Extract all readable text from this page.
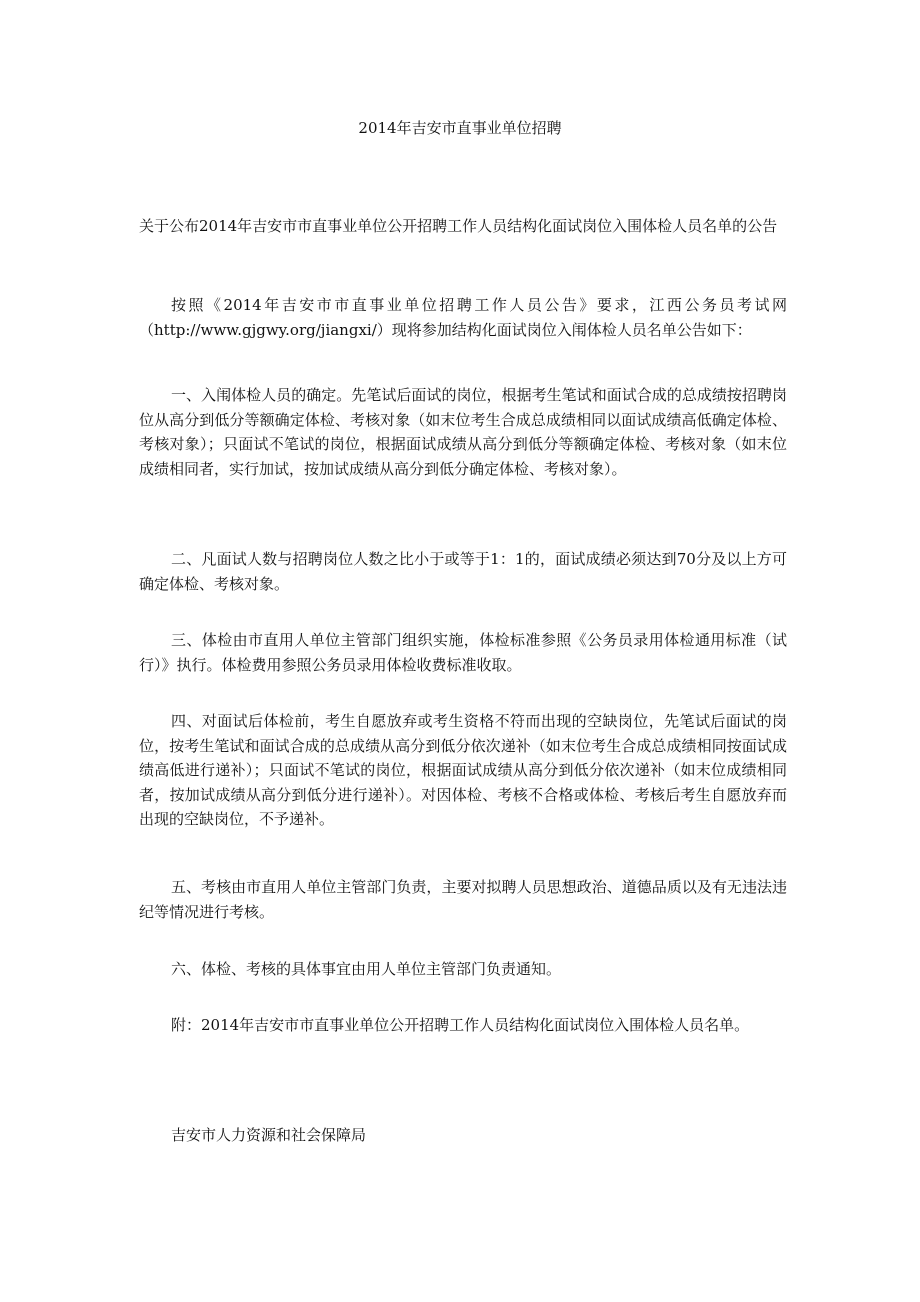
2014年吉安市直事业单位招聘

关于公布2014年吉安市市直事业单位公开招聘工作人员结构化面试岗位入围体检人员名单的公告

按照《2014年吉安市市直事业单位招聘工作人员公告》要求，江西公务员考试网（http://www.gjgwy.org/jiangxi/）现将参加结构化面试岗位入闱体检人员名单公告如下：

一、入闱体检人员的确定。先笔试后面试的岗位，根据考生笔试和面试合成的总成绩按招聘岗位从高分到低分等额确定体检、考核对象（如末位考生合成总成绩相同以面试成绩高低确定体检、考核对象）；只面试不笔试的岗位，根据面试成绩从高分到低分等额确定体检、考核对象（如末位成绩相同者，实行加试，按加试成绩从高分到低分确定体检、考核对象）。

二、凡面试人数与招聘岗位人数之比小于或等于1：1的，面试成绩必须达到70分及以上方可确定体检、考核对象。

三、体检由市直用人单位主管部门组织实施，体检标准参照《公务员录用体检通用标准（试行）》执行。体检费用参照公务员录用体检收费标准收取。

四、对面试后体检前，考生自愿放弃或考生资格不符而出现的空缺岗位，先笔试后面试的岗位，按考生笔试和面试合成的总成绩从高分到低分依次递补（如末位考生合成总成绩相同按面试成绩高低进行递补）；只面试不笔试的岗位，根据面试成绩从高分到低分依次递补（如末位成绩相同者，按加试成绩从高分到低分进行递补）。对因体检、考核不合格或体检、考核后考生自愿放弃而出现的空缺岗位，不予递补。

五、考核由市直用人单位主管部门负责，主要对拟聘人员思想政治、道德品质以及有无违法违纪等情况进行考核。

六、体检、考核的具体事宜由用人单位主管部门负责通知。

附：2014年吉安市市直事业单位公开招聘工作人员结构化面试岗位入围体检人员名单。

吉安市人力资源和社会保障局
